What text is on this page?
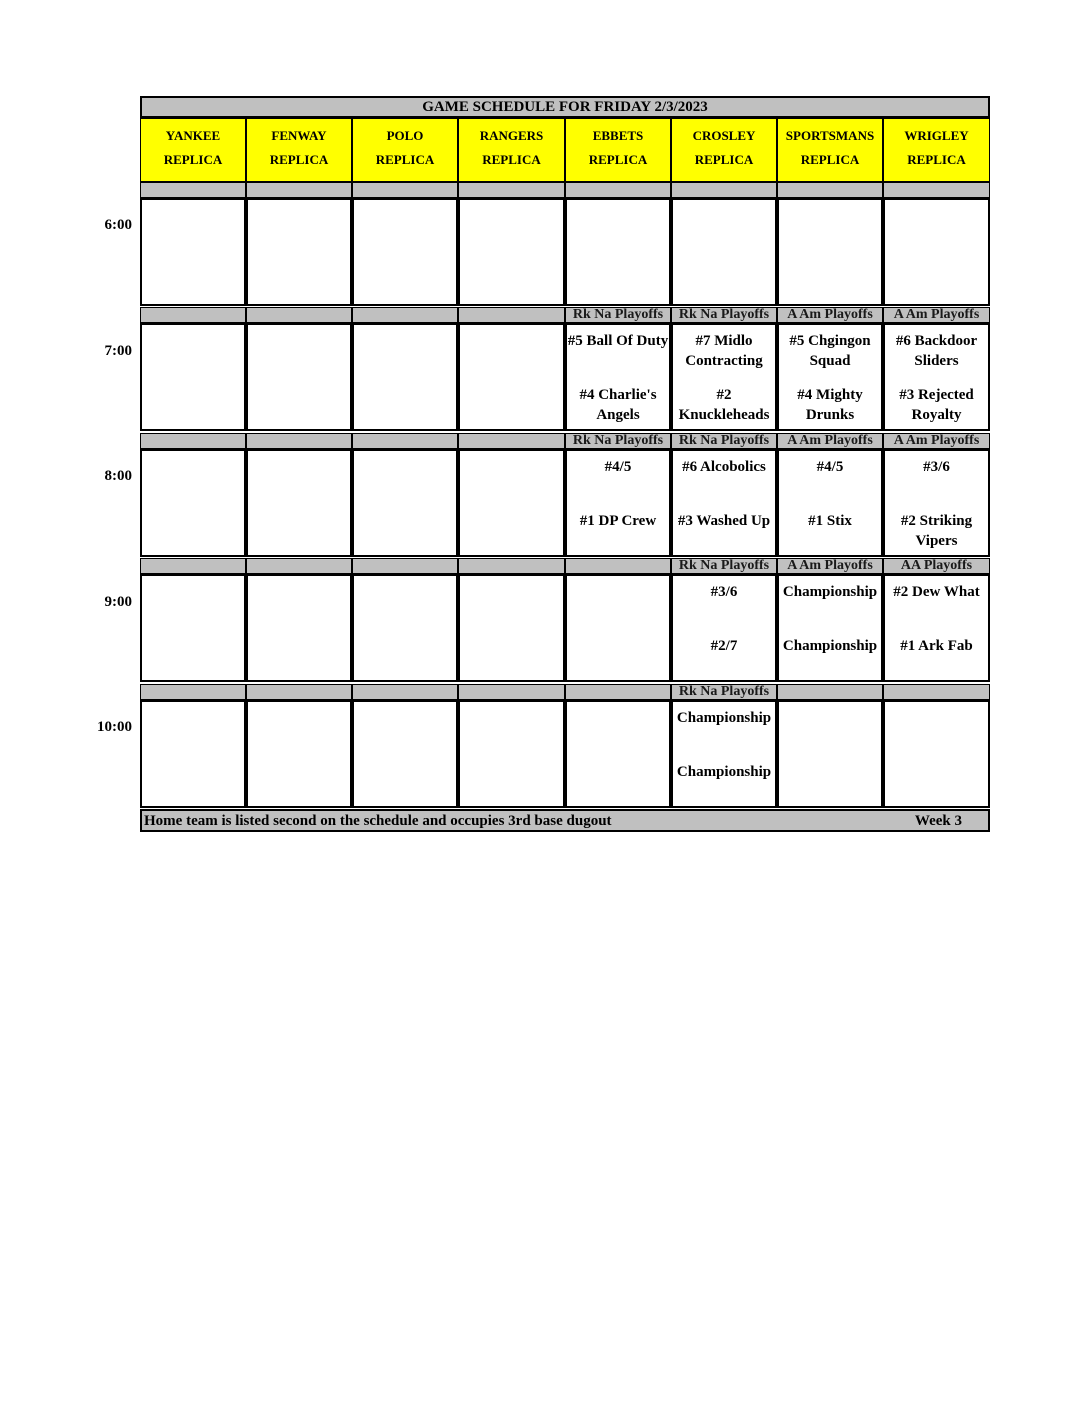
GAME SCHEDULE FOR FRIDAY 2/3/2023
YANKEE
REPLICA
FENWAY
REPLICA
POLO
REPLICA
RANGERS
REPLICA
EBBETS
REPLICA
CROSLEY
REPLICA
SPORTSMANS
REPLICA
WRIGLEY
REPLICA
6:00
7:00
Rk Na Playoffs
#5 Ball Of Duty
#4 Charlie's Angels
Rk Na Playoffs
#7 Midlo Contracting
#2 Knuckleheads
A Am Playoffs
#5 Chgingon Squad
#4 Mighty Drunks
A Am Playoffs
#6 Backdoor Sliders
#3 Rejected Royalty
8:00
Rk Na Playoffs
#4/5
#1 DP Crew
Rk Na Playoffs
#6 Alcobolics
#3 Washed Up
A Am Playoffs
#4/5
#1 Stix
A Am Playoffs
#3/6
#2 Striking Vipers
9:00
Rk Na Playoffs
#3/6
#2/7
A Am Playoffs
Championship
Championship
AA Playoffs
#2 Dew What
#1 Ark Fab
10:00
Rk Na Playoffs
Championship
Championship
Home team is listed second on the schedule and occupies 3rd base dugout	Week 3
